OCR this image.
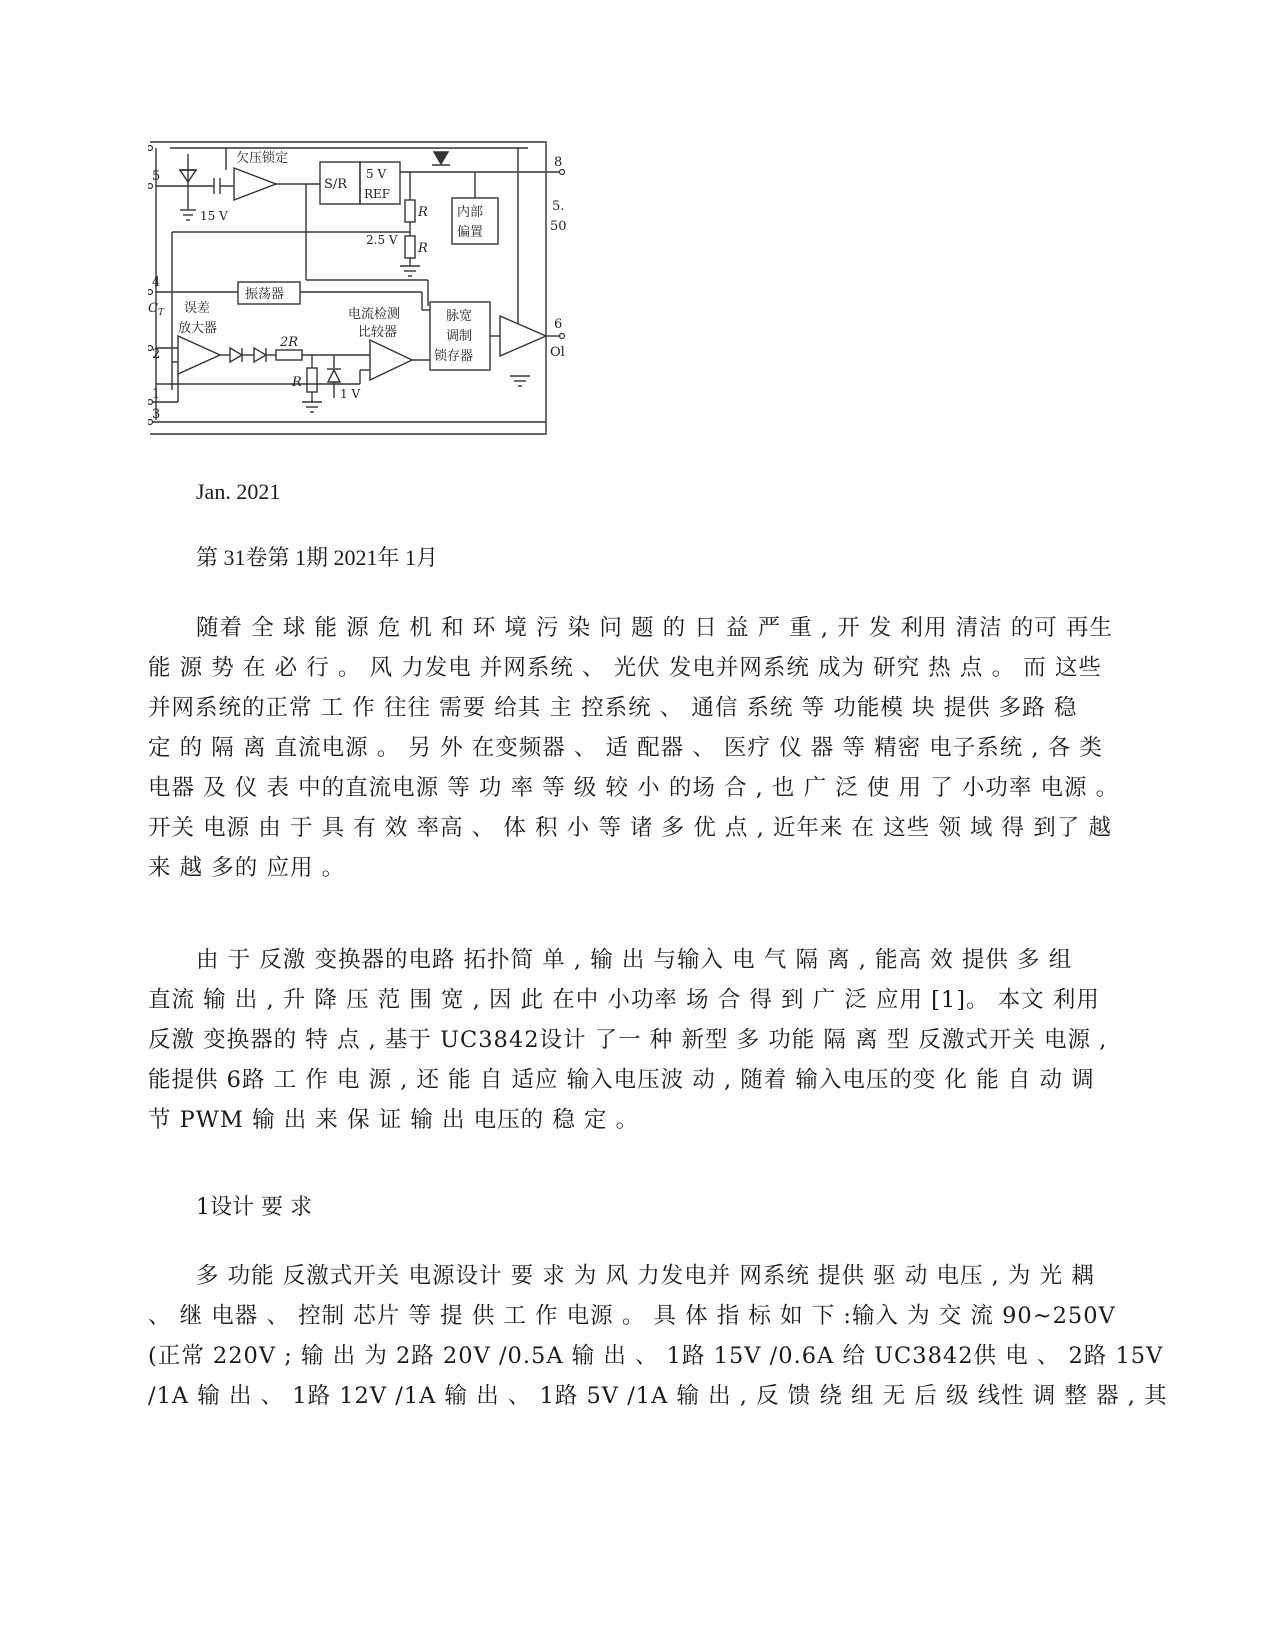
欠压锁定
S/R
5 V
REF
15 V	R
R
2.5 V
内部
偏置
振荡器
误差
放大器
电流检测
比较器
脉宽
调制
锁存器
2R
R
1 V
5
4
$C_T$
2
1
3
8
6
5.
50
Ol
Jan. 2021
第 31卷第 1期 2021年 1月
随着 全 球 能 源 危 机 和 环 境 污 染 问 题 的 日 益 严 重 , 开 发 利用 清洁 的可 再生
能 源 势 在 必 行 。 风 力发电 并网系统 、 光伏 发电并网系统 成为 研究 热 点 。 而 这些
并网系统的正常 工 作 往往 需要 给其 主 控系统 、 通信 系统 等 功能模 块 提供 多路 稳
定 的 隔 离 直流电源 。 另 外 在变频器 、 适 配器 、 医疗 仪 器 等 精密 电子系统 , 各 类
电器 及 仪 表 中的直流电源 等 功 率 等 级 较 小 的场 合 , 也 广 泛 使 用 了 小功率 电源 。
开关 电源 由 于 具 有 效 率高 、 体 积 小 等 诸 多 优 点 , 近年来 在 这些 领 域 得 到了 越
来 越 多的 应用 。
由 于 反激 变换器的电路 拓扑简 单 , 输 出 与输入 电 气 隔 离 , 能高 效 提供 多 组
直流 输 出 , 升 降 压 范 围 宽 , 因 此 在中 小功率 场 合 得 到 广 泛 应用 [1]。 本文 利用
反激 变换器的 特 点 , 基于 UC3842设计 了一 种 新型 多 功能 隔 离 型 反激式开关 电源 ,
能提供 6路 工 作 电 源 , 还 能 自 适应 输入电压波 动 , 随着 输入电压的变 化 能 自 动 调
节 PWM 输 出 来 保 证 输 出 电压的 稳 定 。
1设计 要 求
多 功能 反激式开关 电源设计 要 求 为 风 力发电并 网系统 提供 驱 动 电压 , 为 光 耦
、 继 电器 、 控制 芯片 等 提 供 工 作 电源 。 具 体 指 标 如 下 :输入 为 交 流 90~250V
(正常 220V ; 输 出 为 2路 20V /0.5A 输 出 、 1路 15V /0.6A 给 UC3842供 电 、 2路 15V
/1A 输 出 、 1路 12V /1A 输 出 、 1路 5V /1A 输 出 , 反 馈 绕 组 无 后 级 线性 调 整 器 , 其
